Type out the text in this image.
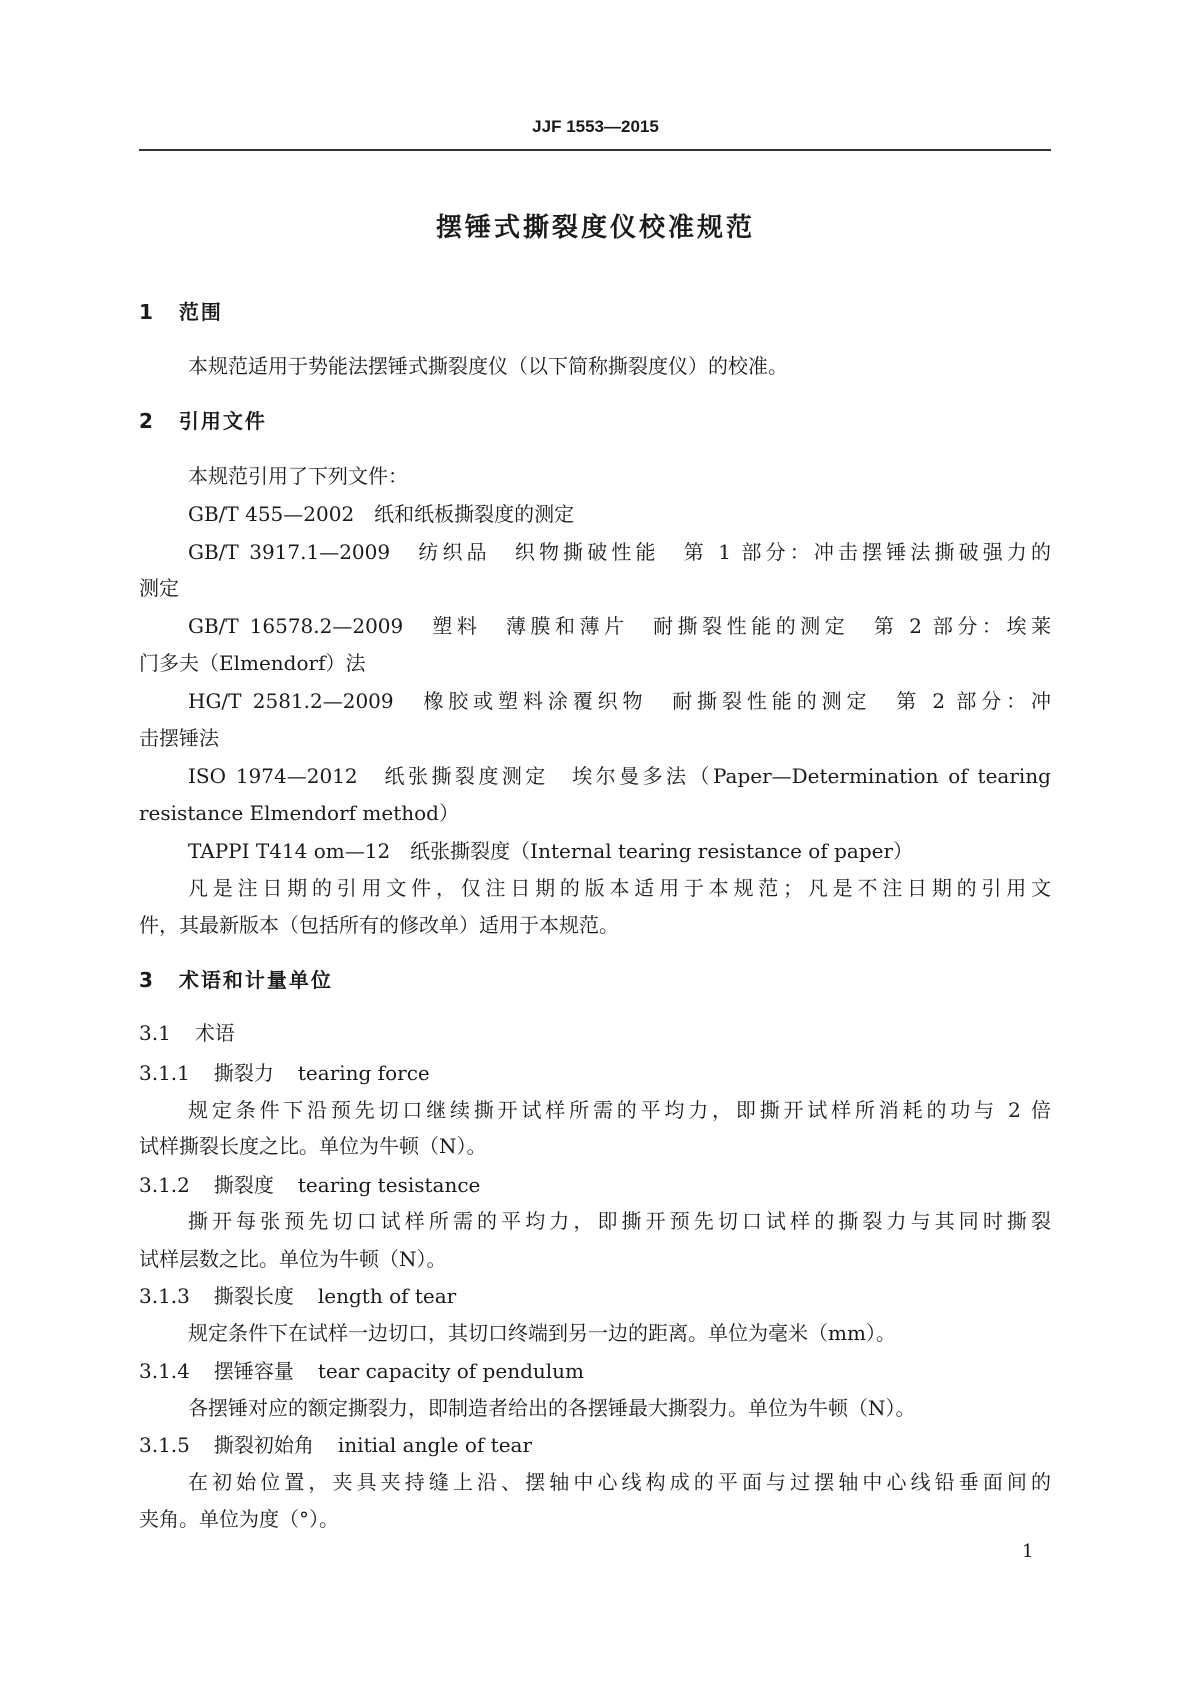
JJF 1553—2015
摆锤式撕裂度仪校准规范
1 范围
本规范适用于势能法摆锤式撕裂度仪（以下简称撕裂度仪）的校准。
2 引用文件
本规范引用了下列文件：
GB/T 455—2002　纸和纸板撕裂度的测定
GB/T 3917.1—2009　纺织品　织物撕破性能　第 1 部分：冲击摆锤法撕破强力的
测定
GB/T 16578.2—2009　塑料　薄膜和薄片　耐撕裂性能的测定　第 2 部分：埃莱
门多夫（Elmendorf）法
HG/T 2581.2—2009　橡胶或塑料涂覆织物　耐撕裂性能的测定　第 2 部分：冲
击摆锤法
ISO 1974—2012　纸张撕裂度测定　埃尔曼多法（Paper—Determination of tearing
resistance Elmendorf method）
TAPPI T414 om—12　纸张撕裂度（Internal tearing resistance of paper）
凡是注日期的引用文件，仅注日期的版本适用于本规范；凡是不注日期的引用文
件，其最新版本（包括所有的修改单）适用于本规范。
3 术语和计量单位
3.1 术语
3.1.1 撕裂力 tearing force
规定条件下沿预先切口继续撕开试样所需的平均力，即撕开试样所消耗的功与 2 倍
试样撕裂长度之比。单位为牛顿（N）。
3.1.2 撕裂度 tearing tesistance
撕开每张预先切口试样所需的平均力，即撕开预先切口试样的撕裂力与其同时撕裂
试样层数之比。单位为牛顿（N）。
3.1.3 撕裂长度 length of tear
规定条件下在试样一边切口，其切口终端到另一边的距离。单位为毫米（mm）。
3.1.4 摆锤容量 tear capacity of pendulum
各摆锤对应的额定撕裂力，即制造者给出的各摆锤最大撕裂力。单位为牛顿（N）。
3.1.5 撕裂初始角 initial angle of tear
在初始位置，夹具夹持缝上沿、摆轴中心线构成的平面与过摆轴中心线铅垂面间的
夹角。单位为度（°）。
1
